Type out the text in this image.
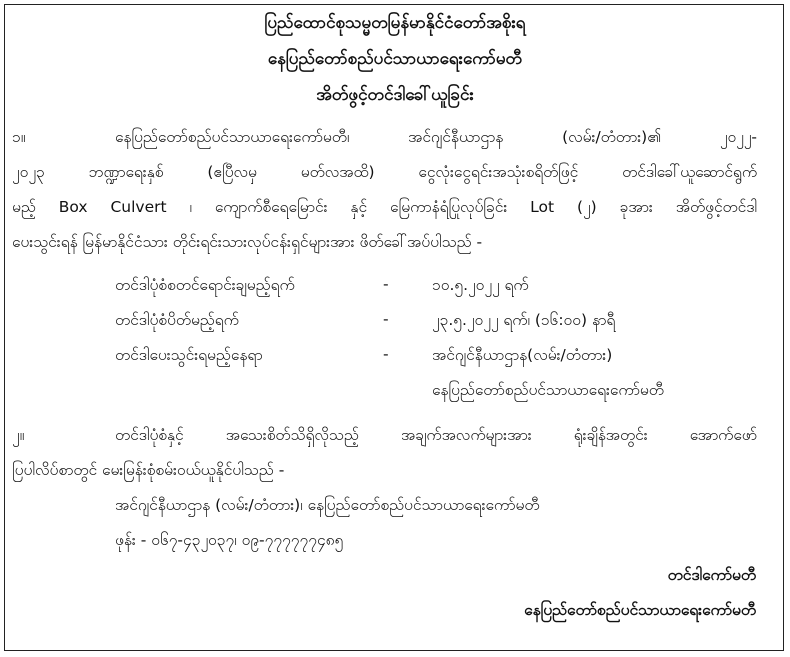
ပြည်ထောင်စုသမ္မတမြန်မာနိုင်ငံတော်အစိုးရ
နေပြည်တော်စည်ပင်သာယာရေးကော်မတီ
အိတ်ဖွင့်တင်ဒါခေါ်ယူခြင်း
၁။	နေပြည်တော်စည်ပင်သာယာရေးကော်မတီ၊ အင်ဂျင်နီယာဌာန (လမ်း/တံတား)၏ ၂၀၂၂-
၂၀၂၃ ဘဏ္ဍာရေးနှစ် (ဧပြီလမှ မတ်လအထိ) ငွေလုံးငွေရင်းအသုံးစရိတ်ဖြင့် တင်ဒါခေါ်ယူဆောင်ရွက်
မည့် Box Culvert ၊ ကျောက်စီရေမြောင်း နှင့် မြေကာနံရံပြုလုပ်ခြင်း Lot (၂) ခုအား အိတ်ဖွင့်တင်ဒါ
ပေးသွင်းရန် မြန်မာနိုင်ငံသား တိုင်းရင်းသားလုပ်ငန်းရှင်များအား ဖိတ်ခေါ်အပ်ပါသည် -
တင်ဒါပုံစံစတင်ရောင်းချမည့်ရက်	-	၁၀.၅.၂၀၂၂ ရက်
တင်ဒါပုံစံပိတ်မည့်ရက်	-	၂၃.၅.၂၀၂၂ ရက်၊ (၁၆:၀၀) နာရီ
တင်ဒါပေးသွင်းရမည့်နေရာ	-	အင်ဂျင်နီယာဌာန(လမ်း/တံတား)
နေပြည်တော်စည်ပင်သာယာရေးကော်မတီ
၂။	တင်ဒါပုံစံနှင့် အသေးစိတ်သိရှိလိုသည့် အချက်အလက်များအား ရုံးချိန်အတွင်း အောက်ဖော်
ပြပါလိပ်စာတွင် မေးမြန်းစုံစမ်းဝယ်ယူနိုင်ပါသည် -
အင်ဂျင်နီယာဌာန (လမ်း/တံတား)၊ နေပြည်တော်စည်ပင်သာယာရေးကော်မတီ
ဖုန်း - ၀၆၇-၄၃၂၀၃၇၊ ၀၉-၇၇၇၇၇၇၄၈၅
တင်ဒါကော်မတီ
နေပြည်တော်စည်ပင်သာယာရေးကော်မတီ
